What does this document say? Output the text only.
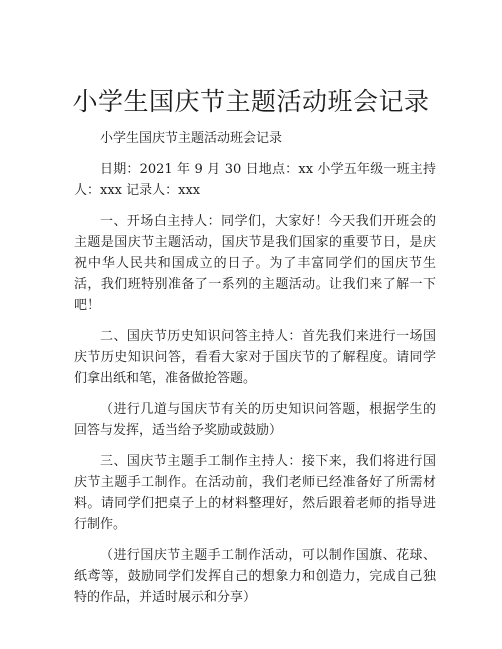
小学生国庆节主题活动班会记录

小学生国庆节主题活动班会记录

日期：2021 年 9 月 30 日地点：xx 小学五年级一班主持人：xxx 记录人：xxx

一、开场白主持人：同学们，大家好！今天我们开班会的主题是国庆节主题活动，国庆节是我们国家的重要节日，是庆祝中华人民共和国成立的日子。为了丰富同学们的国庆节生活，我们班特别准备了一系列的主题活动。让我们来了解一下吧！

二、国庆节历史知识问答主持人：首先我们来进行一场国庆节历史知识问答，看看大家对于国庆节的了解程度。请同学们拿出纸和笔，准备做抢答题。

（进行几道与国庆节有关的历史知识问答题，根据学生的回答与发挥，适当给予奖励或鼓励）

三、国庆节主题手工制作主持人：接下来，我们将进行国庆节主题手工制作。在活动前，我们老师已经准备好了所需材料。请同学们把桌子上的材料整理好，然后跟着老师的指导进行制作。

（进行国庆节主题手工制作活动，可以制作国旗、花球、纸鸢等，鼓励同学们发挥自己的想象力和创造力，完成自己独特的作品，并适时展示和分享）
